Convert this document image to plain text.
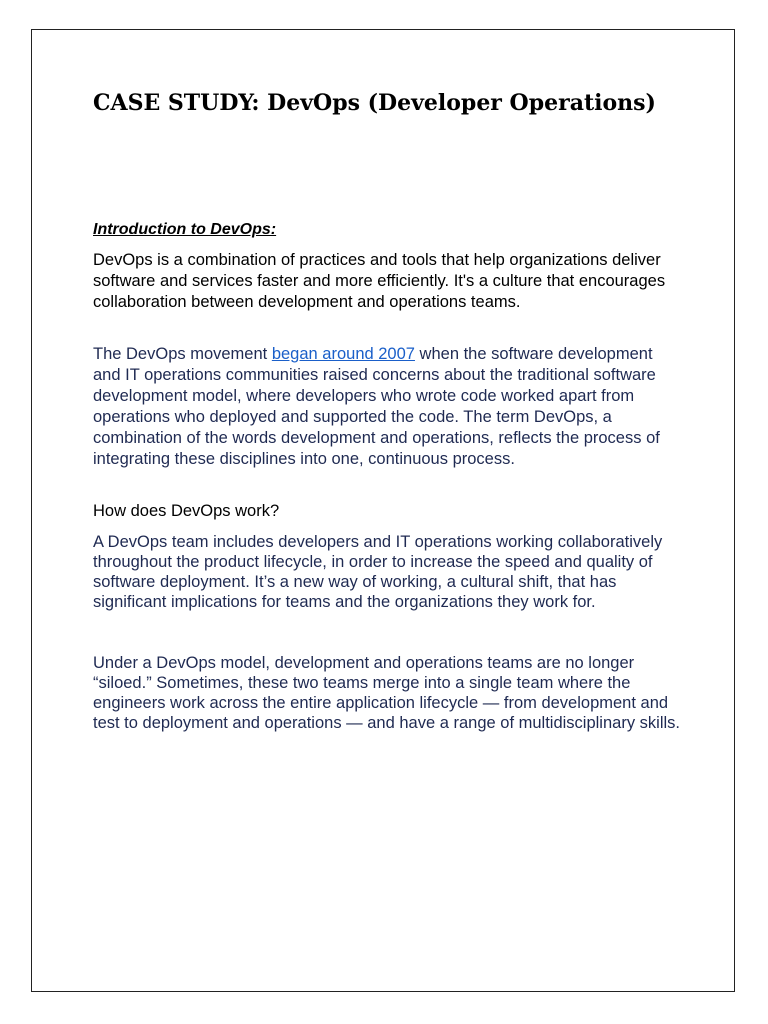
CASE STUDY: DevOps (Developer Operations)
Introduction to DevOps:

DevOps is a combination of practices and tools that help organizations deliver software and services faster and more efficiently. It's a culture that encourages collaboration between development and operations teams.

The DevOps movement began around 2007 when the software development and IT operations communities raised concerns about the traditional software development model, where developers who wrote code worked apart from operations who deployed and supported the code. The term DevOps, a combination of the words development and operations, reflects the process of integrating these disciplines into one, continuous process.

How does DevOps work?

A DevOps team includes developers and IT operations working collaboratively throughout the product lifecycle, in order to increase the speed and quality of software deployment. It’s a new way of working, a cultural shift, that has significant implications for teams and the organizations they work for.

Under a DevOps model, development and operations teams are no longer “siloed.” Sometimes, these two teams merge into a single team where the engineers work across the entire application lifecycle — from development and test to deployment and operations — and have a range of multidisciplinary skills.
